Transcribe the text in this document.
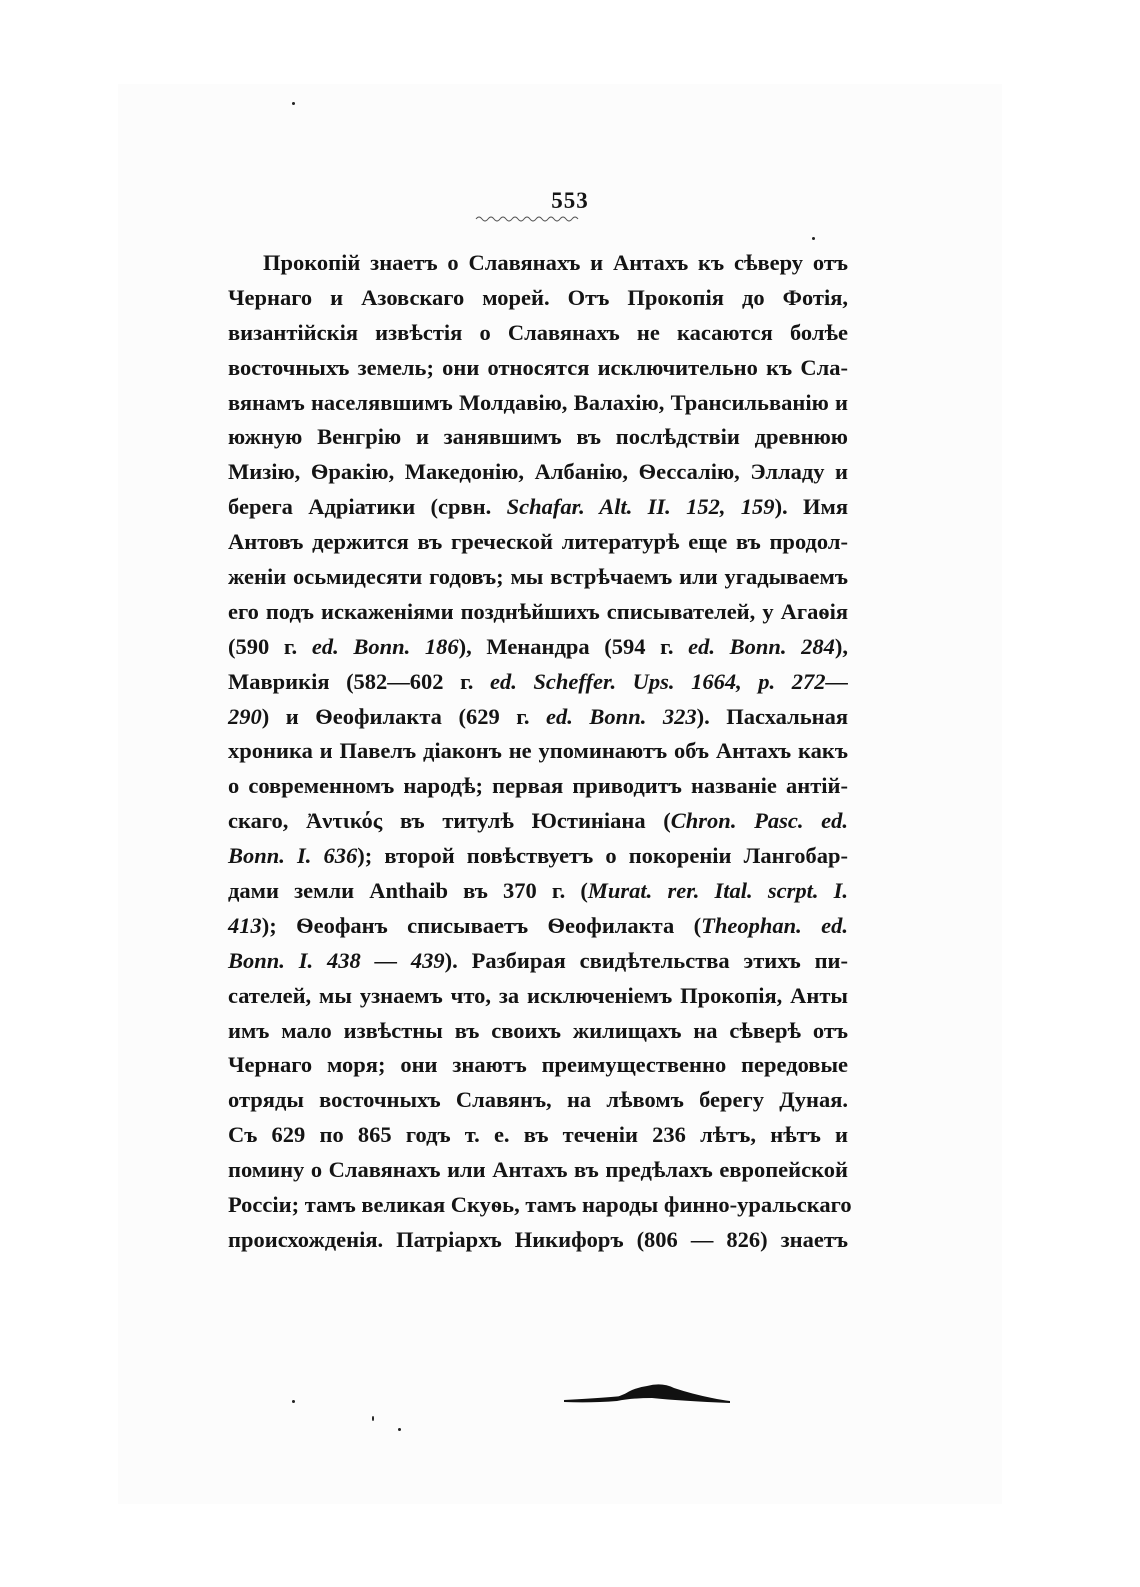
553
Прокопій знаетъ о Славянахъ и Антахъ къ сѣверу отъ
Чернаго и Азовскаго морей. Отъ Прокопія до Фотія,
византійскія извѣстія о Славянахъ не касаются болѣе
восточныхъ земель; они относятся исключительно къ Сла-
вянамъ населявшимъ Молдавію, Валахію, Трансильванію и
южную Венгрію и занявшимъ въ послѣдствіи древнюю
Мизію, Ѳракію, Македонію, Албанію, Ѳессалію, Элладу и
берега Адріатики (срвн. Schafar. Alt. II. 152, 159). Имя
Антовъ держится въ греческой литературѣ еще въ продол-
женіи осьмидесяти годовъ; мы встрѣчаемъ или угадываемъ
его подъ искаженіями позднѣйшихъ списывателей, у Агаѳія
(590 г. ed. Bonn. 186), Менандра (594 г. ed. Bonn. 284),
Маврикія (582—602 г. ed. Scheffer. Ups. 1664, p. 272—
290) и Ѳеофилакта (629 г. ed. Bonn. 323). Пасхальная
хроника и Павелъ діаконъ не упоминаютъ объ Антахъ какъ
о современномъ народѣ; первая приводитъ названіе антій-
скаго, Ἀντικός въ титулѣ Юстиніана (Chron. Pasc. ed.
Bonn. I. 636); второй повѣствуетъ о покореніи Лангобар-
дами земли Anthaib въ 370 г. (Murat. rer. Ital. scrpt. I.
413); Ѳеофанъ списываетъ Ѳеофилакта (Theophan. ed.
Bonn. I. 438 — 439). Разбирая свидѣтельства этихъ пи-
сателей, мы узнаемъ что, за исключеніемъ Прокопія, Анты
имъ мало извѣстны въ своихъ жилищахъ на сѣверѣ отъ
Чернаго моря; они знаютъ преимущественно передовые
отряды восточныхъ Славянъ, на лѣвомъ берегу Дуная.
Съ 629 по 865 годъ т. е. въ теченіи 236 лѣтъ, нѣтъ и
помину о Славянахъ или Антахъ въ предѣлахъ европейской
Россіи; тамъ великая Скуѳь, тамъ народы финно-уральскаго
происхожденія. Патріархъ Никифоръ (806 — 826) знаетъ
